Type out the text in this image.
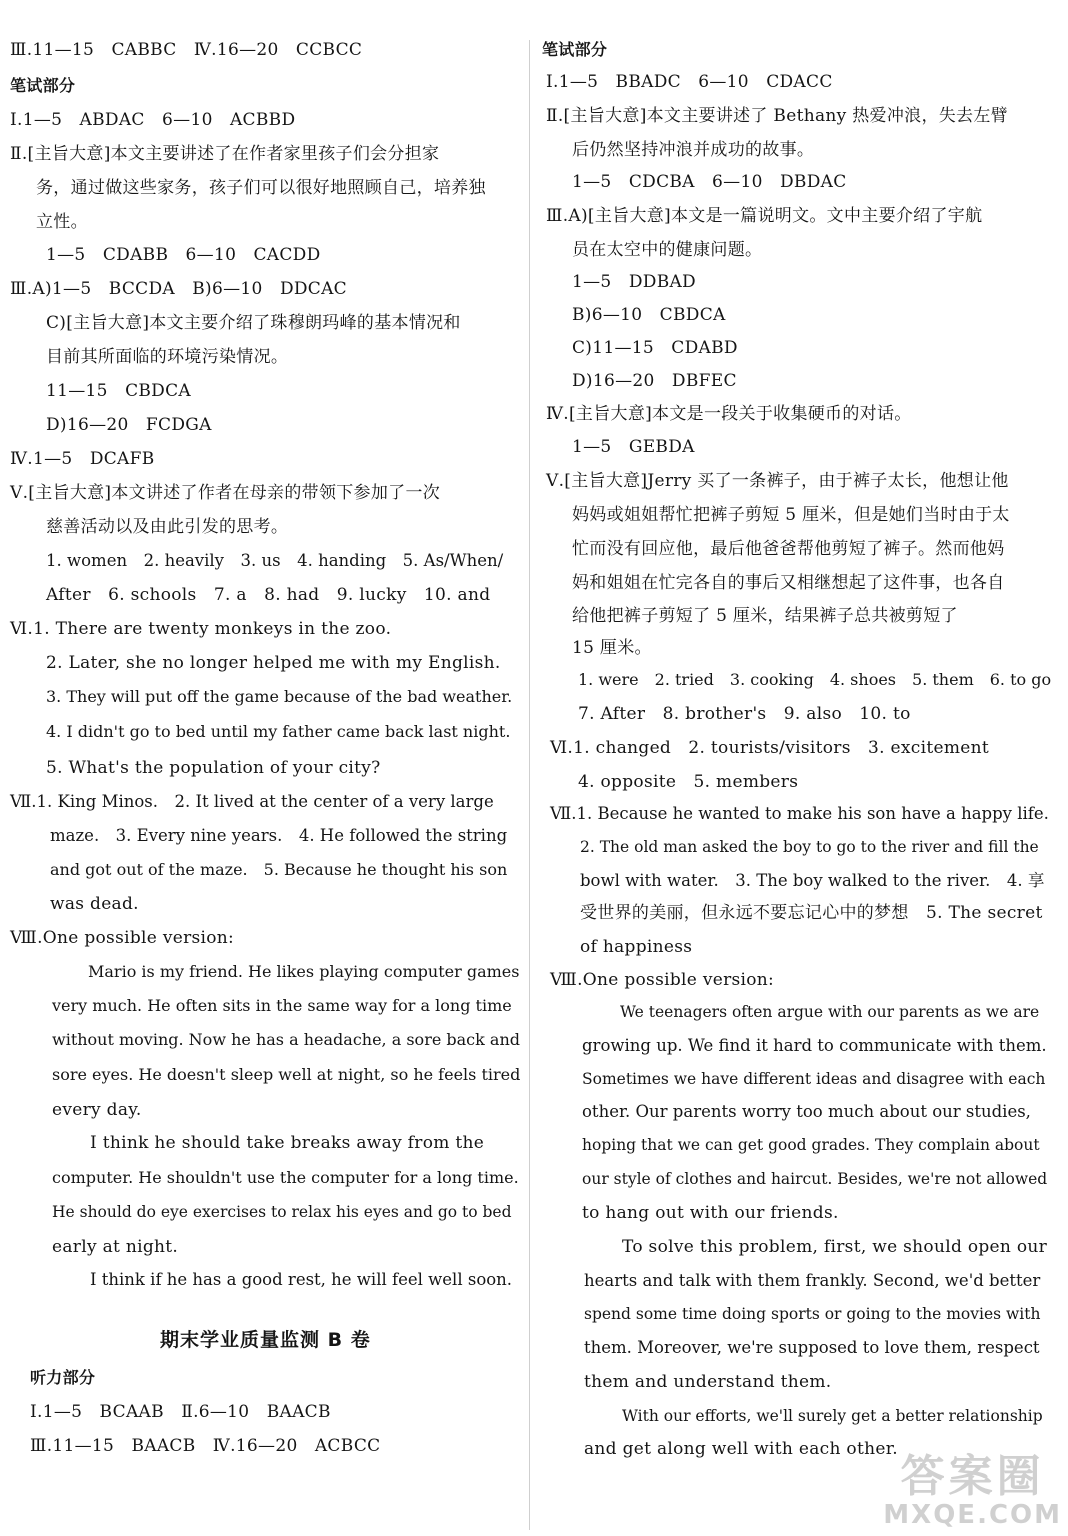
Ⅲ.11—15　CABBC　Ⅳ.16—20　CCBCC
笔试部分
Ⅰ.1—5　ABDAC　6—10　ACBBD
Ⅱ.[主旨大意]本文主要讲述了在作者家里孩子们会分担家
务，通过做这些家务，孩子们可以很好地照顾自己，培养独
立性。
1—5　CDABB　6—10　CACDD
Ⅲ.A)1—5　BCCDA　B)6—10　DDCAC
C)[主旨大意]本文主要介绍了珠穆朗玛峰的基本情况和
目前其所面临的环境污染情况。
11—15　CBDCA
D)16—20　FCDGA
Ⅳ.1—5　DCAFB
Ⅴ.[主旨大意]本文讲述了作者在母亲的带领下参加了一次
慈善活动以及由此引发的思考。
1. women　2. heavily　3. us　4. handing　5. As/When/
After　6. schools　7. a　8. had　9. lucky　10. and
Ⅵ.1. There are twenty monkeys in the zoo.
2. Later, she no longer helped me with my English.
3. They will put off the game because of the bad weather.
4. I didn't go to bed until my father came back last night.
5. What's the population of your city?
Ⅶ.1. King Minos.　2. It lived at the center of a very large
maze.　3. Every nine years.　4. He followed the string
and got out of the maze.　5. Because he thought his son
was dead.
Ⅷ.One possible version:
Mario is my friend. He likes playing computer games
very much. He often sits in the same way for a long time
without moving. Now he has a headache, a sore back and
sore eyes. He doesn't sleep well at night, so he feels tired
every day.
I think he should take breaks away from the
computer. He shouldn't use the computer for a long time.
He should do eye exercises to relax his eyes and go to bed
early at night.
I think if he has a good rest, he will feel well soon.
期末学业质量监测 B 卷
听力部分
Ⅰ.1—5　BCAAB　Ⅱ.6—10　BAACB
Ⅲ.11—15　BAACB　Ⅳ.16—20　ACBCC
笔试部分
Ⅰ.1—5　BBADC　6—10　CDACC
Ⅱ.[主旨大意]本文主要讲述了 Bethany 热爱冲浪，失去左臂
后仍然坚持冲浪并成功的故事。
1—5　CDCBA　6—10　DBDAC
Ⅲ.A)[主旨大意]本文是一篇说明文。文中主要介绍了宇航
员在太空中的健康问题。
1—5　DDBAD
B)6—10　CBDCA
C)11—15　CDABD
D)16—20　DBFEC
Ⅳ.[主旨大意]本文是一段关于收集硬币的对话。
1—5　GEBDA
Ⅴ.[主旨大意]Jerry 买了一条裤子，由于裤子太长，他想让他
妈妈或姐姐帮忙把裤子剪短 5 厘米，但是她们当时由于太
忙而没有回应他，最后他爸爸帮他剪短了裤子。然而他妈
妈和姐姐在忙完各自的事后又相继想起了这件事，也各自
给他把裤子剪短了 5 厘米，结果裤子总共被剪短了
15 厘米。
1. were　2. tried　3. cooking　4. shoes　5. them　6. to go
7. After　8. brother's　9. also　10. to
Ⅵ.1. changed　2. tourists/visitors　3. excitement
4. opposite　5. members
Ⅶ.1. Because he wanted to make his son have a happy life.
2. The old man asked the boy to go to the river and fill the
bowl with water.　3. The boy walked to the river.　4. 享
受世界的美丽，但永远不要忘记心中的梦想　5. The secret
of happiness
Ⅷ.One possible version:
We teenagers often argue with our parents as we are
growing up. We find it hard to communicate with them.
Sometimes we have different ideas and disagree with each
other. Our parents worry too much about our studies,
hoping that we can get good grades. They complain about
our style of clothes and haircut. Besides, we're not allowed
to hang out with our friends.
To solve this problem, first, we should open our
hearts and talk with them frankly. Second, we'd better
spend some time doing sports or going to the movies with
them. Moreover, we're supposed to love them, respect
them and understand them.
With our efforts, we'll surely get a better relationship
and get along well with each other.
答案圈
MXQE.COM
